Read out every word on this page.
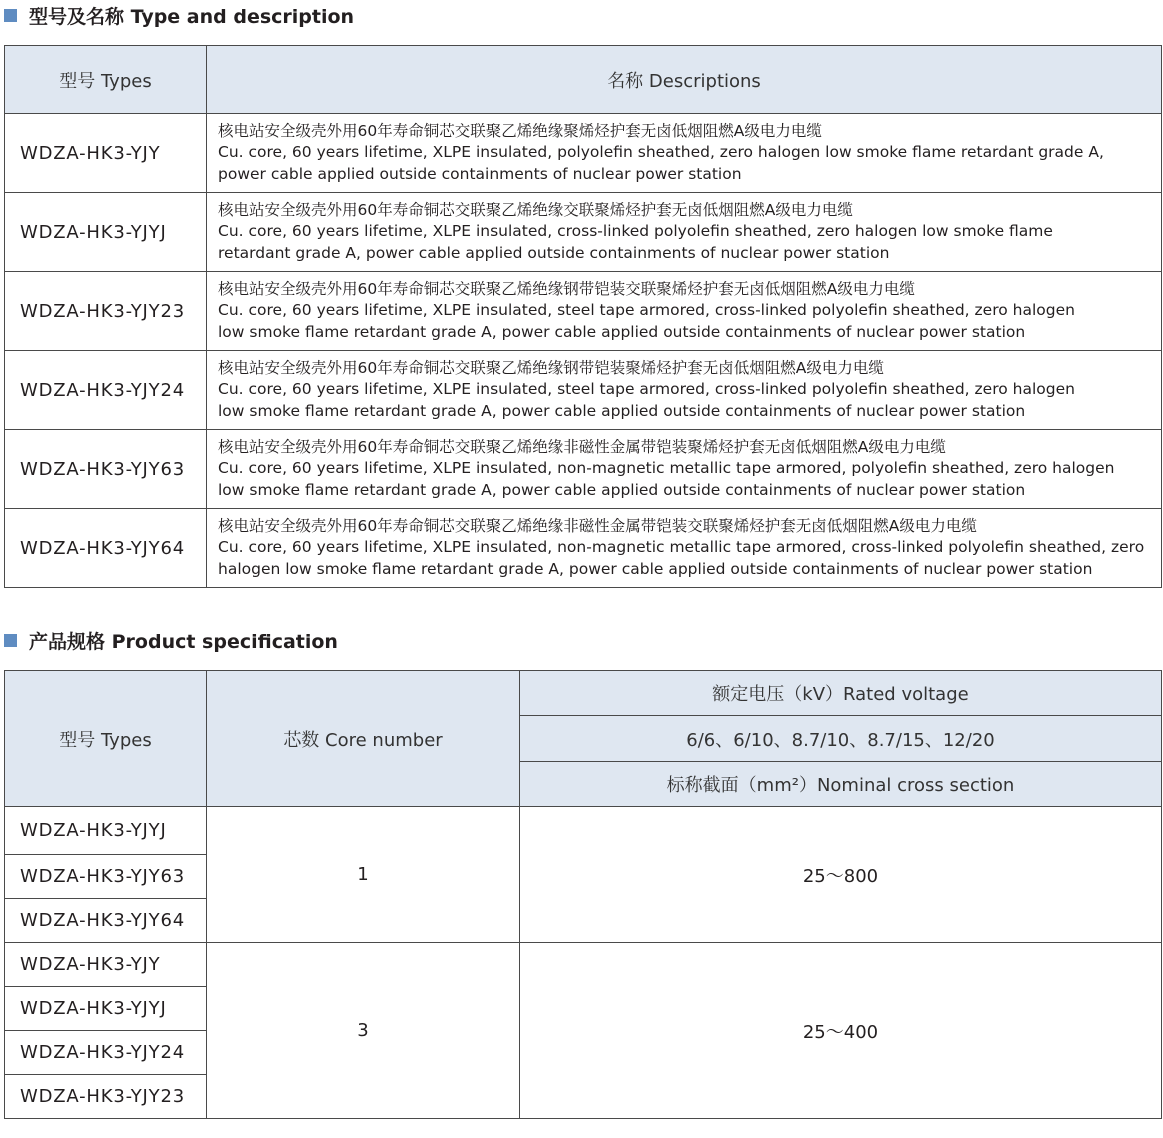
型号及名称 Type and description
型号 Types	名称 Descriptions
WDZA-HK3-YJY	核电站安全级壳外用60年寿命铜芯交联聚乙烯绝缘聚烯烃护套无卤低烟阻燃A级电力电缆
Cu. core, 60 years lifetime, XLPE insulated, polyolefin sheathed, zero halogen low smoke flame retardant grade A,
power cable applied outside containments of nuclear power station

WDZA-HK3-YJYJ	核电站安全级壳外用60年寿命铜芯交联聚乙烯绝缘交联聚烯烃护套无卤低烟阻燃A级电力电缆
Cu. core, 60 years lifetime, XLPE insulated, cross-linked polyolefin sheathed, zero halogen low smoke flame
retardant grade A, power cable applied outside containments of nuclear power station

WDZA-HK3-YJY23	核电站安全级壳外用60年寿命铜芯交联聚乙烯绝缘钢带铠装交联聚烯烃护套无卤低烟阻燃A级电力电缆
Cu. core, 60 years lifetime, XLPE insulated, steel tape armored, cross-linked polyolefin sheathed, zero halogen
low smoke flame retardant grade A, power cable applied outside containments of nuclear power station

WDZA-HK3-YJY24	核电站安全级壳外用60年寿命铜芯交联聚乙烯绝缘钢带铠装聚烯烃护套无卤低烟阻燃A级电力电缆
Cu. core, 60 years lifetime, XLPE insulated, steel tape armored, cross-linked polyolefin sheathed, zero halogen
low smoke flame retardant grade A, power cable applied outside containments of nuclear power station

WDZA-HK3-YJY63	核电站安全级壳外用60年寿命铜芯交联聚乙烯绝缘非磁性金属带铠装聚烯烃护套无卤低烟阻燃A级电力电缆
Cu. core, 60 years lifetime, XLPE insulated, non-magnetic metallic tape armored, polyolefin sheathed, zero halogen
low smoke flame retardant grade A, power cable applied outside containments of nuclear power station

WDZA-HK3-YJY64	核电站安全级壳外用60年寿命铜芯交联聚乙烯绝缘非磁性金属带铠装交联聚烯烃护套无卤低烟阻燃A级电力电缆
Cu. core, 60 years lifetime, XLPE insulated, non-magnetic metallic tape armored, cross-linked polyolefin sheathed, zero
halogen low smoke flame retardant grade A, power cable applied outside containments of nuclear power station
产品规格 Product specification
型号 Types	芯数 Core number	额定电压（kV）Rated voltage
		6/6、6/10、8.7/10、8.7/15、12/20
		标称截面（mm²）Nominal cross section
WDZA-HK3-YJYJ	1	25～800
WDZA-HK3-YJY63		
WDZA-HK3-YJY64		
WDZA-HK3-YJY	3	25～400
WDZA-HK3-YJYJ		
WDZA-HK3-YJY24		
WDZA-HK3-YJY23		
